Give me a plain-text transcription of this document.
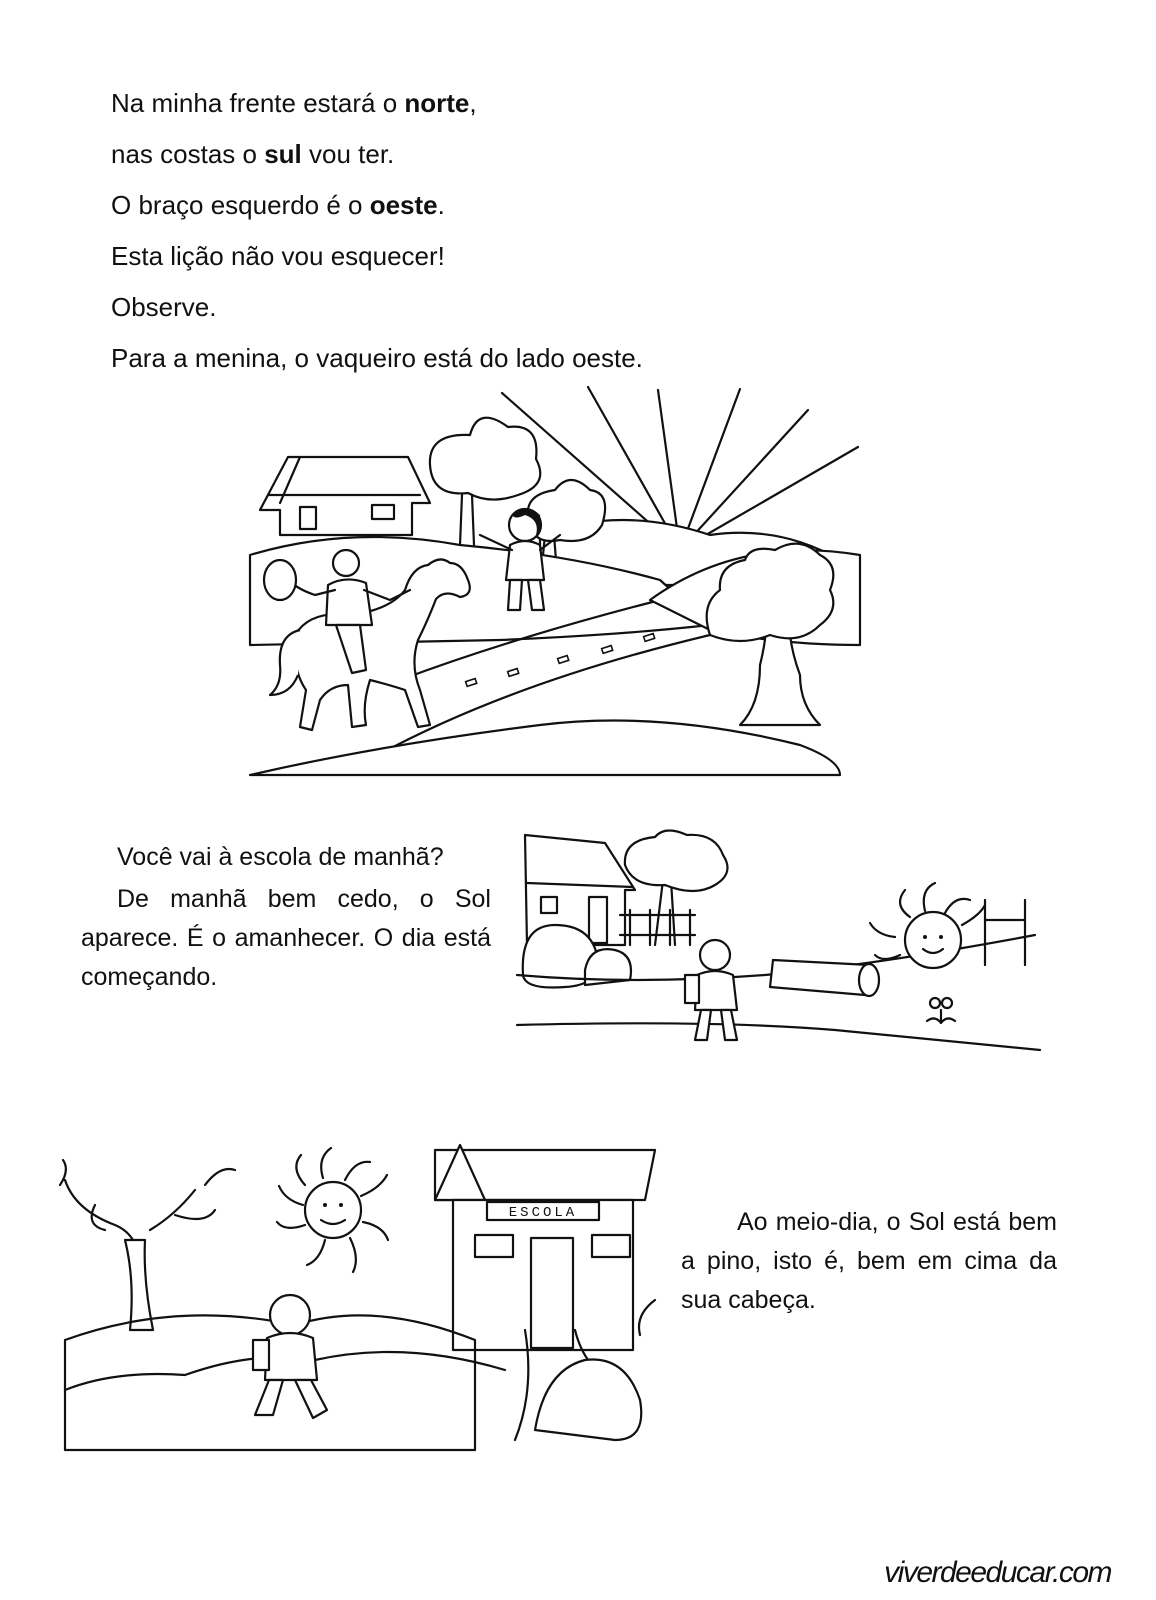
Na minha frente estará o norte,

nas costas o sul vou ter.

O braço esquerdo é o oeste.

Esta lição não vou esquecer!

Observe.

Para a menina, o vaqueiro está do lado oeste.

Você vai à escola de manhã?

De manhã bem cedo, o Sol aparece. É o amanhecer. O dia está começando.

ESCOLA	Ao meio-dia, o Sol está bem a pino, isto é, bem em cima da sua cabeça.

viverdeeducar.com
